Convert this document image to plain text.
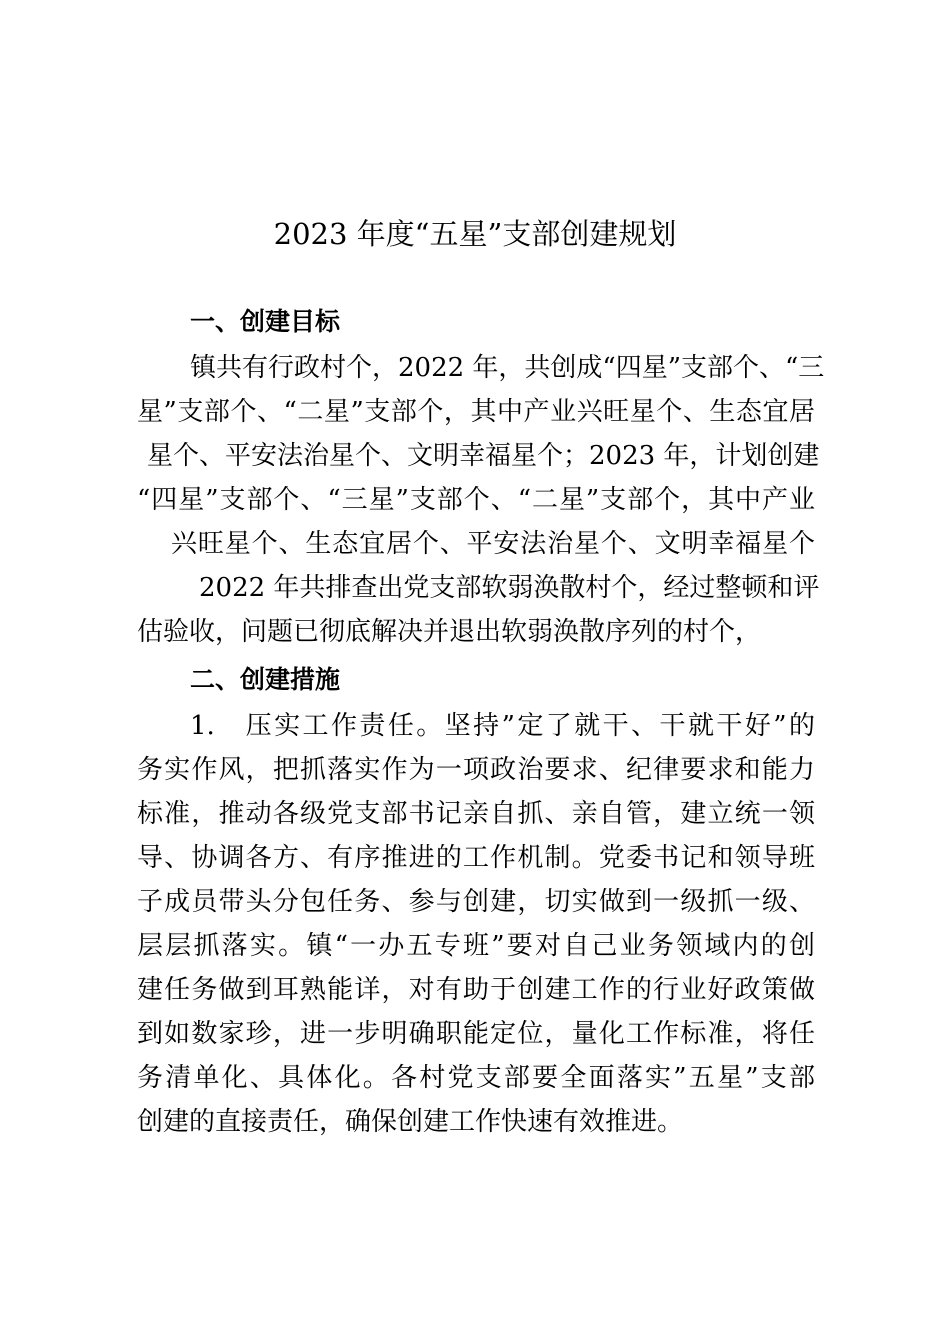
2023 年度“五星”支部创建规划
一、创建目标
镇共有行政村个，2022 年，共创成“四星”支部个、“三
星”支部个、“二星”支部个，其中产业兴旺星个、生态宜居
星个、平安法治星个、文明幸福星个；2023 年，计划创建
“四星”支部个、“三星”支部个、“二星”支部个，其中产业
兴旺星个、生态宜居个、平安法治星个、文明幸福星个
2022 年共排查出党支部软弱涣散村个，经过整顿和评
估验收，问题已彻底解决并退出软弱涣散序列的村个，
二、创建措施
1.　压实工作责任。坚持”定了就干、干就干好”的
务实作风，把抓落实作为一项政治要求、纪律要求和能力
标准，推动各级党支部书记亲自抓、亲自管，建立统一领
导、协调各方、有序推进的工作机制。党委书记和领导班
子成员带头分包任务、参与创建，切实做到一级抓一级、
层层抓落实。镇“一办五专班”要对自己业务领域内的创
建任务做到耳熟能详，对有助于创建工作的行业好政策做
到如数家珍，进一步明确职能定位，量化工作标准，将任
务清单化、具体化。各村党支部要全面落实”五星”支部
创建的直接责任，确保创建工作快速有效推进。
